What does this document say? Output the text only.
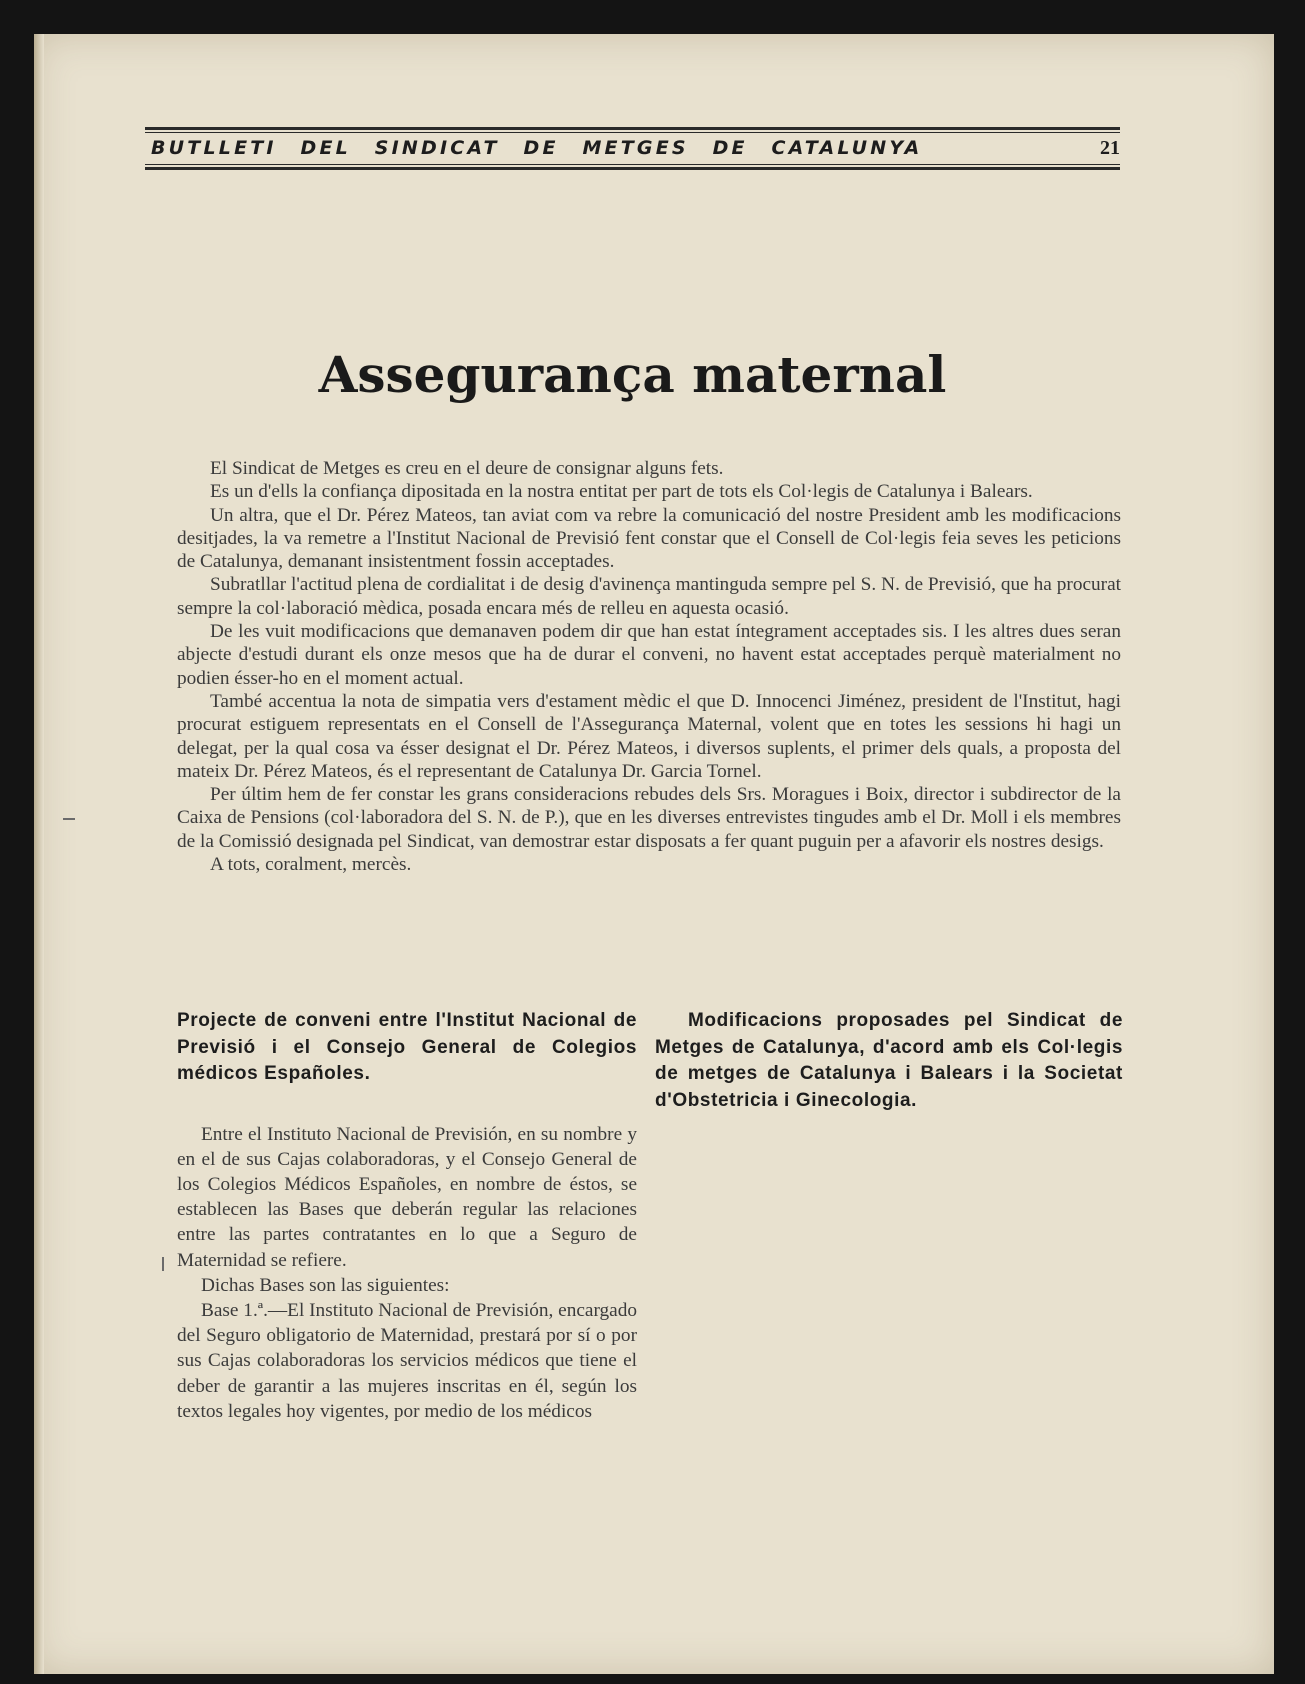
BUTLLETI DEL SINDICAT DE METGES DE CATALUNYA	21
Assegurança maternal

El Sindicat de Metges es creu en el deure de consignar alguns fets.

Es un d'ells la confiança dipositada en la nostra entitat per part de tots els Col·legis de Catalunya i Balears.

Un altra, que el Dr. Pérez Mateos, tan aviat com va rebre la comunicació del nostre President amb les modificacions desitjades, la va remetre a l'Institut Nacional de Previsió fent constar que el Consell de Col·legis feia seves les peticions de Catalunya, demanant insistentment fossin acceptades.

Subratllar l'actitud plena de cordialitat i de desig d'avinença mantinguda sempre pel S. N. de Previsió, que ha procurat sempre la col·laboració mèdica, posada encara més de relleu en aquesta ocasió.

De les vuit modificacions que demanaven podem dir que han estat íntegrament acceptades sis. I les altres dues seran abjecte d'estudi durant els onze mesos que ha de durar el conveni, no havent estat acceptades perquè materialment no podien ésser-ho en el moment actual.

També accentua la nota de simpatia vers d'estament mèdic el que D. Innocenci Jiménez, president de l'Institut, hagi procurat estiguem representats en el Consell de l'Assegurança Maternal, volent que en totes les sessions hi hagi un delegat, per la qual cosa va ésser designat el Dr. Pérez Mateos, i diversos suplents, el primer dels quals, a proposta del mateix Dr. Pérez Mateos, és el representant de Catalunya Dr. Garcia Tornel.

Per últim hem de fer constar les grans consideracions rebudes dels Srs. Moragues i Boix, director i subdirector de la Caixa de Pensions (col·laboradora del S. N. de P.), que en les diverses entrevistes tingudes amb el Dr. Moll i els membres de la Comissió designada pel Sindicat, van demostrar estar disposats a fer quant puguin per a afavorir els nostres desigs.

A tots, coralment, mercès.

Projecte de conveni entre l'Institut Nacional de Previsió i el Consejo General de Colegios médicos Españoles.

Entre el Instituto Nacional de Previsión, en su nombre y en el de sus Cajas colaboradoras, y el Consejo General de los Colegios Médicos Españoles, en nombre de éstos, se establecen las Bases que deberán regular las relaciones entre las partes contratantes en lo que a Seguro de Maternidad se refiere.

Dichas Bases son las siguientes:

Base 1.ª.—El Instituto Nacional de Previsión, encargado del Seguro obligatorio de Maternidad, prestará por sí o por sus Cajas colaboradoras los servicios médicos que tiene el deber de garantir a las mujeres inscritas en él, según los textos legales hoy vigentes, por medio de los médicos

Modificacions proposades pel Sindicat de Metges de Catalunya, d'acord amb els Col·legis de metges de Catalunya i Balears i la Societat d'Obstetricia i Ginecologia.
